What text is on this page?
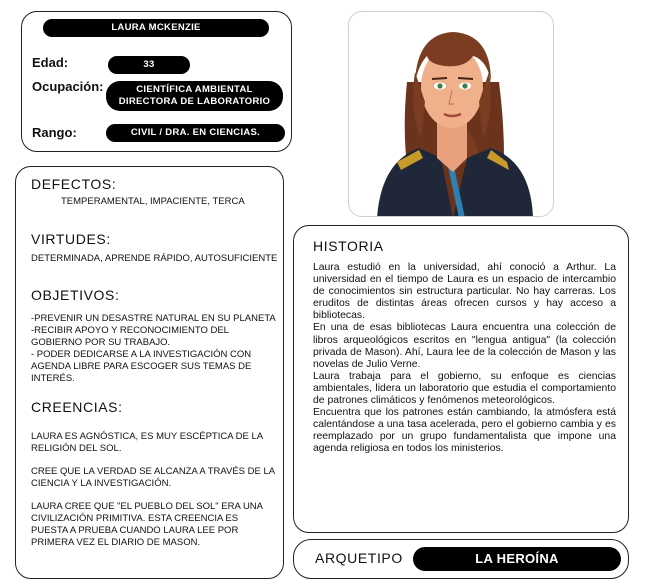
LAURA MCKENZIE
Edad:	33
Ocupación:	CIENTÍFICA AMBIENTAL
DIRECTORA DE LABORATORIO
Rango:	CIVIL / DRA. EN CIENCIAS.
DEFECTOS:
TEMPERAMENTAL, IMPACIENTE, TERCA
VIRTUDES:
DETERMINADA, APRENDE RÁPIDO, AUTOSUFICIENTE
OBJETIVOS:
-PREVENIR UN DESASTRE NATURAL EN SU PLANETA
-RECIBIR APOYO Y RECONOCIMIENTO DEL
GOBIERNO POR SU TRABAJO.
- PODER DEDICARSE A LA INVESTIGACIÓN CON
AGENDA LIBRE PARA ESCOGER SUS TEMAS DE
INTERÉS.
CREENCIAS:
LAURA ES AGNÓSTICA, ES MUY ESCÉPTICA DE LA
RELIGIÓN DEL SOL.
CREE QUE LA VERDAD SE ALCANZA A TRAVÉS DE LA
CIENCIA Y LA INVESTIGACIÓN.
LAURA CREE QUE "EL PUEBLO DEL SOL" ERA UNA
CIVILIZACIÓN PRIMITIVA. ESTA CREENCIA ES
PUESTA A PRUEBA CUANDO LAURA LEE POR
PRIMERA VEZ EL DIARIO DE MASON.
HISTORIA

Laura estudió en la universidad, ahí conoció a Arthur. La universidad en el tiempo de Laura es un espacio de intercambio de conocimientos sin estructura particular. No hay carreras. Los eruditos de distintas áreas ofrecen cursos y hay acceso a bibliotecas.

En una de esas bibliotecas Laura encuentra una colección de libros arqueológicos escritos en "lengua antigua" (la colección privada de Mason). Ahí, Laura lee de la colección de Mason y las novelas de Julio Verne.

Laura trabaja para el gobierno, su enfoque es ciencias ambientales, lidera un laboratorio que estudia el comportamiento de patrones climáticos y fenómenos meteorológicos.

Encuentra que los patrones están cambiando, la atmósfera está calentándose a una tasa acelerada, pero el gobierno cambia y es reemplazado por un grupo fundamentalista que impone una agenda religiosa en todos los ministerios.

ARQUETIPO	LA HEROÍNA
